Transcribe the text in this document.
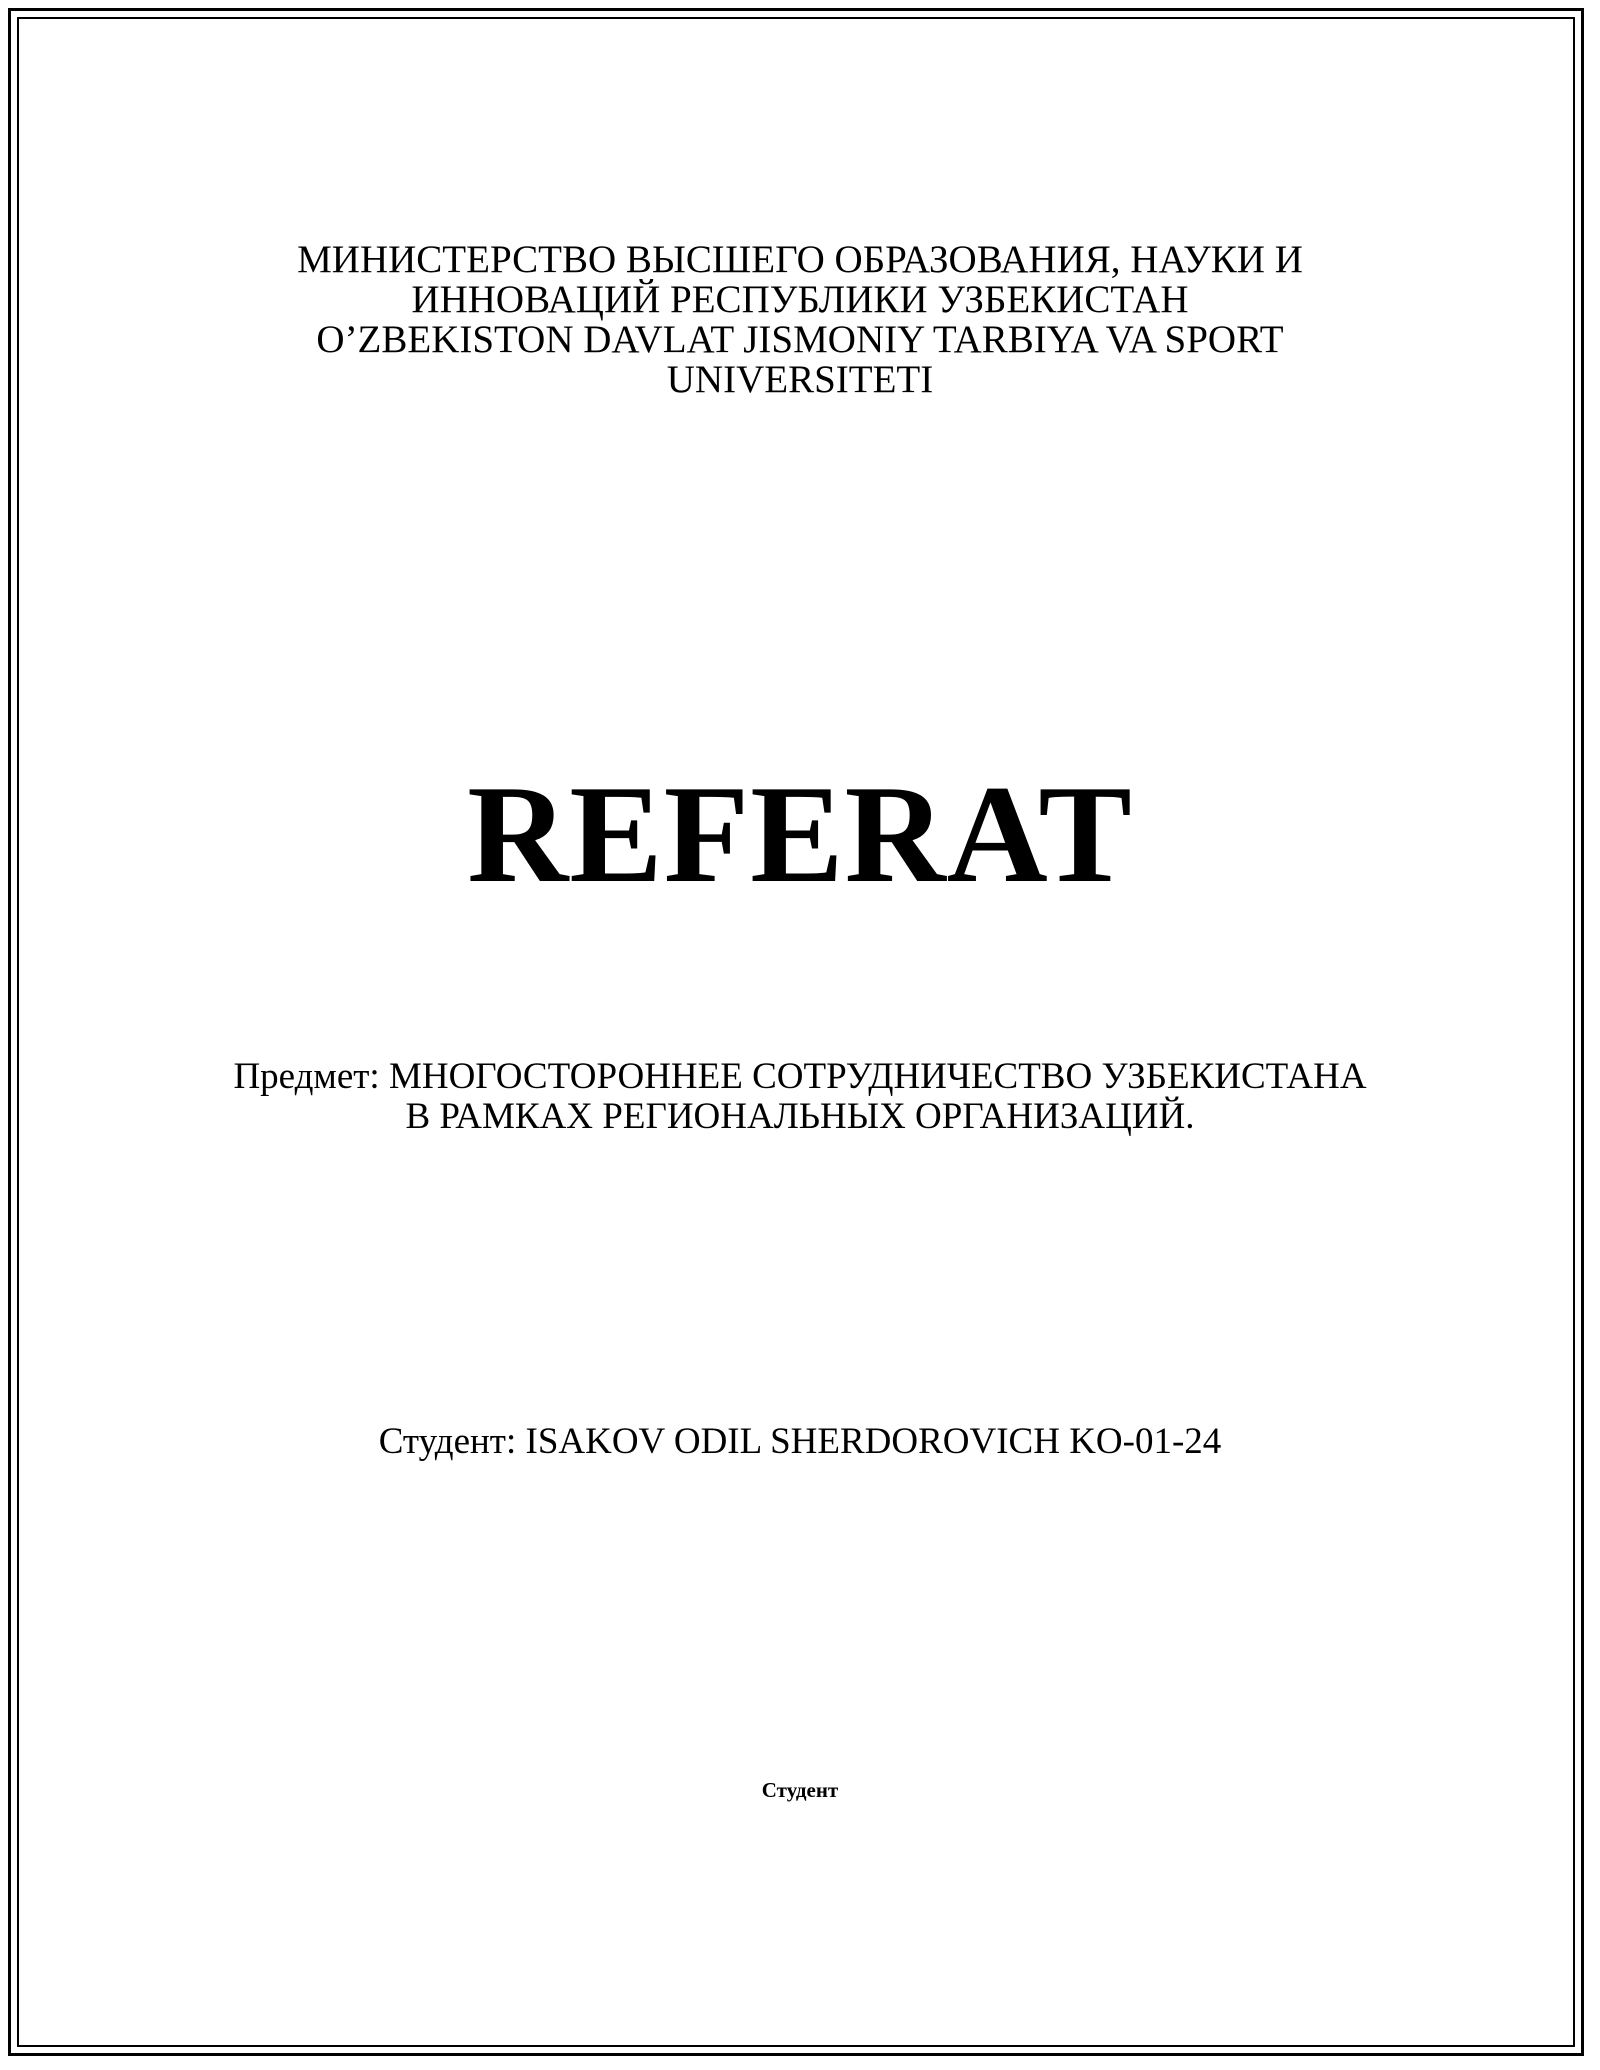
МИНИСТЕРСТВО ВЫСШЕГО ОБРАЗОВАНИЯ, НАУКИ И
ИННОВАЦИЙ РЕСПУБЛИКИ УЗБЕКИСТАН
O’ZBEKISTON DAVLAT JISMONIY TARBIYA VA SPORT
UNIVERSITETI
REFERAT
Предмет: МНОГОСТОРОННЕЕ СОТРУДНИЧЕСТВО УЗБЕКИСТАНА
В РАМКАХ РЕГИОНАЛЬНЫХ ОРГАНИЗАЦИЙ.
Студент: ISAKOV ODIL SHERDOROVICH KO-01-24
Студент
